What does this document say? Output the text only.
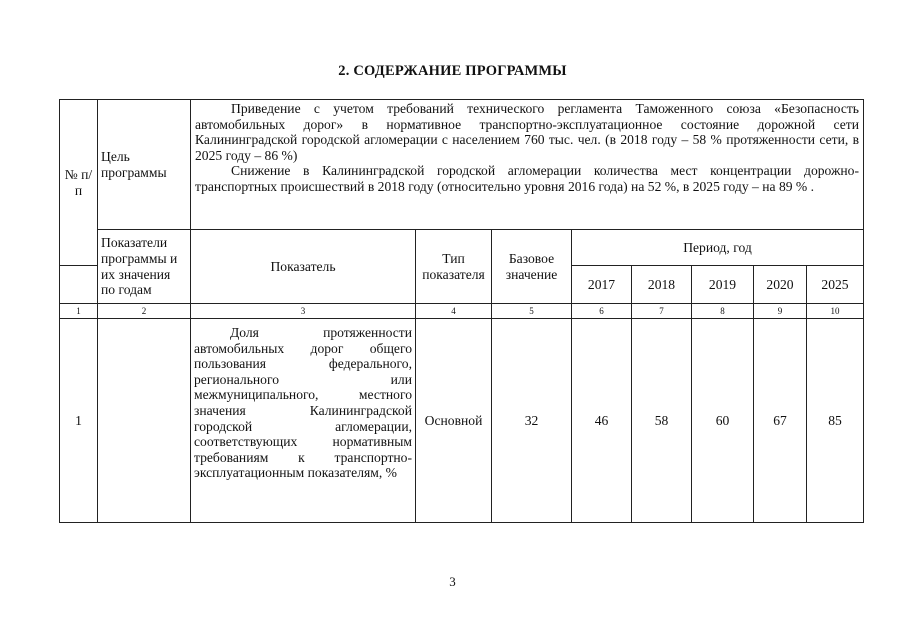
2. СОДЕРЖАНИЕ ПРОГРАММЫ
№ п/п	Цель программы	Приведение с учетом требований технического регламента Таможенного союза «Безопасность автомобильных дорог» в нормативное транспортно-эксплуатационное состояние дорожной сети Калининградской городской агломерации с населением 760 тыс. чел. (в 2018 году – 58 % протяженности сети, в 2025 году – 86 %)

Снижение в Калининградской городской агломерации количества мест концентрации дорожно-транспортных происшествий в 2018 году (относительно уровня 2016 года) на 52 %, в 2025 году – на 89 % .							

	Показатели программы и их значения по годам	Показатель	Тип показателя	Базовое значение	Период, год				
					2017	2018	2019	2020	2025
1	2	3	4	5	6	7	8	9	10
1		Доля протяженности автомобильных дорог общего пользования федерального, регионального или межмуниципального, местного значения Калининградской городской агломерации, соответствующих нормативным требованиям к транспортно-эксплуатационным показателям, %	Основной	32	46	58	60	67	85
3
